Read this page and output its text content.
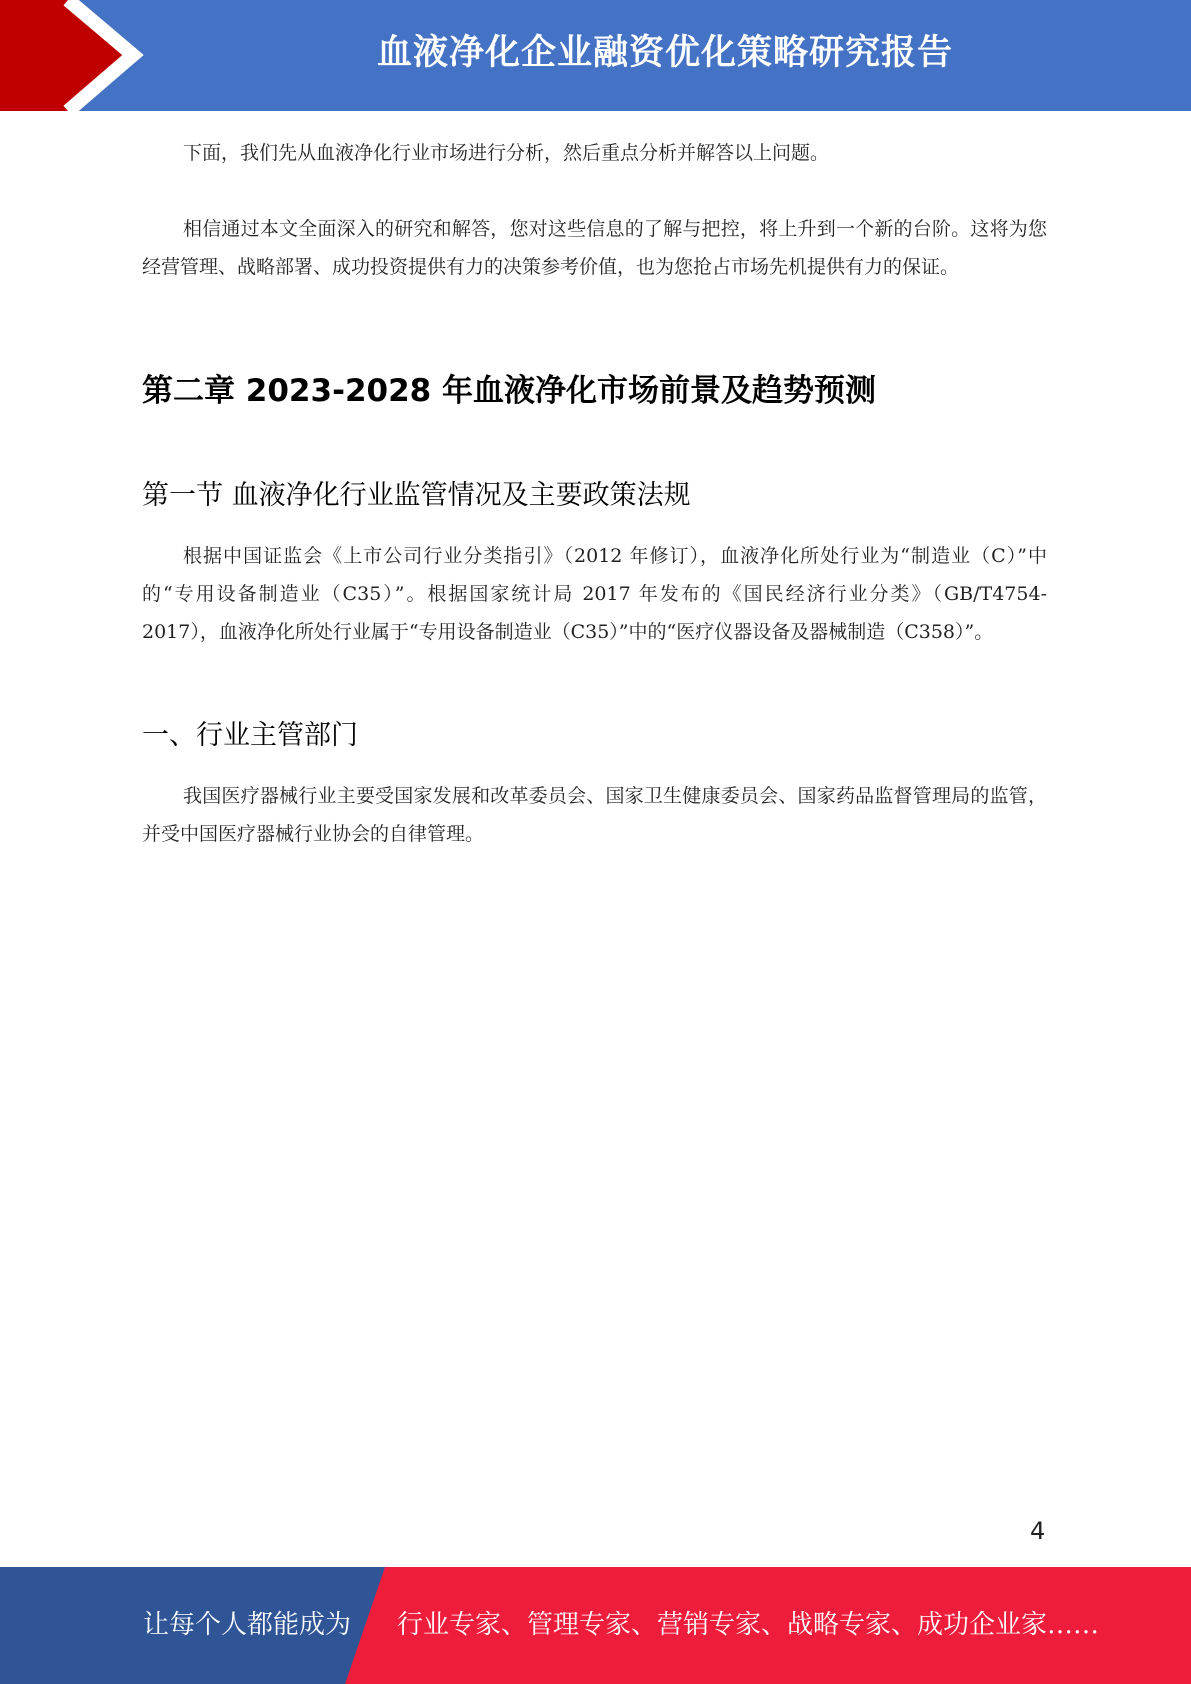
血液净化企业融资优化策略研究报告

下面，我们先从血液净化行业市场进行分析，然后重点分析并解答以上问题。

相信通过本文全面深入的研究和解答，您对这些信息的了解与把控，将上升到一个新的台阶。这将为您经营管理、战略部署、成功投资提供有力的决策参考价值，也为您抢占市场先机提供有力的保证。

第二章 2023-2028 年血液净化市场前景及趋势预测
第一节 血液净化行业监管情况及主要政策法规

根据中国证监会《上市公司行业分类指引》（2012 年修订），血液净化所处行业为“制造业（C）”中的“专用设备制造业（C35）”。根据国家统计局 2017 年发布的《国民经济行业分类》（GB/T4754-2017），血液净化所处行业属于“专用设备制造业（C35）”中的“医疗仪器设备及器械制造（C358）”。

一、行业主管部门

我国医疗器械行业主要受国家发展和改革委员会、国家卫生健康委员会、国家药品监督管理局的监管，并受中国医疗器械行业协会的自律管理。

4
让每个人都能成为 行业专家、管理专家、营销专家、战略专家、成功企业家……
